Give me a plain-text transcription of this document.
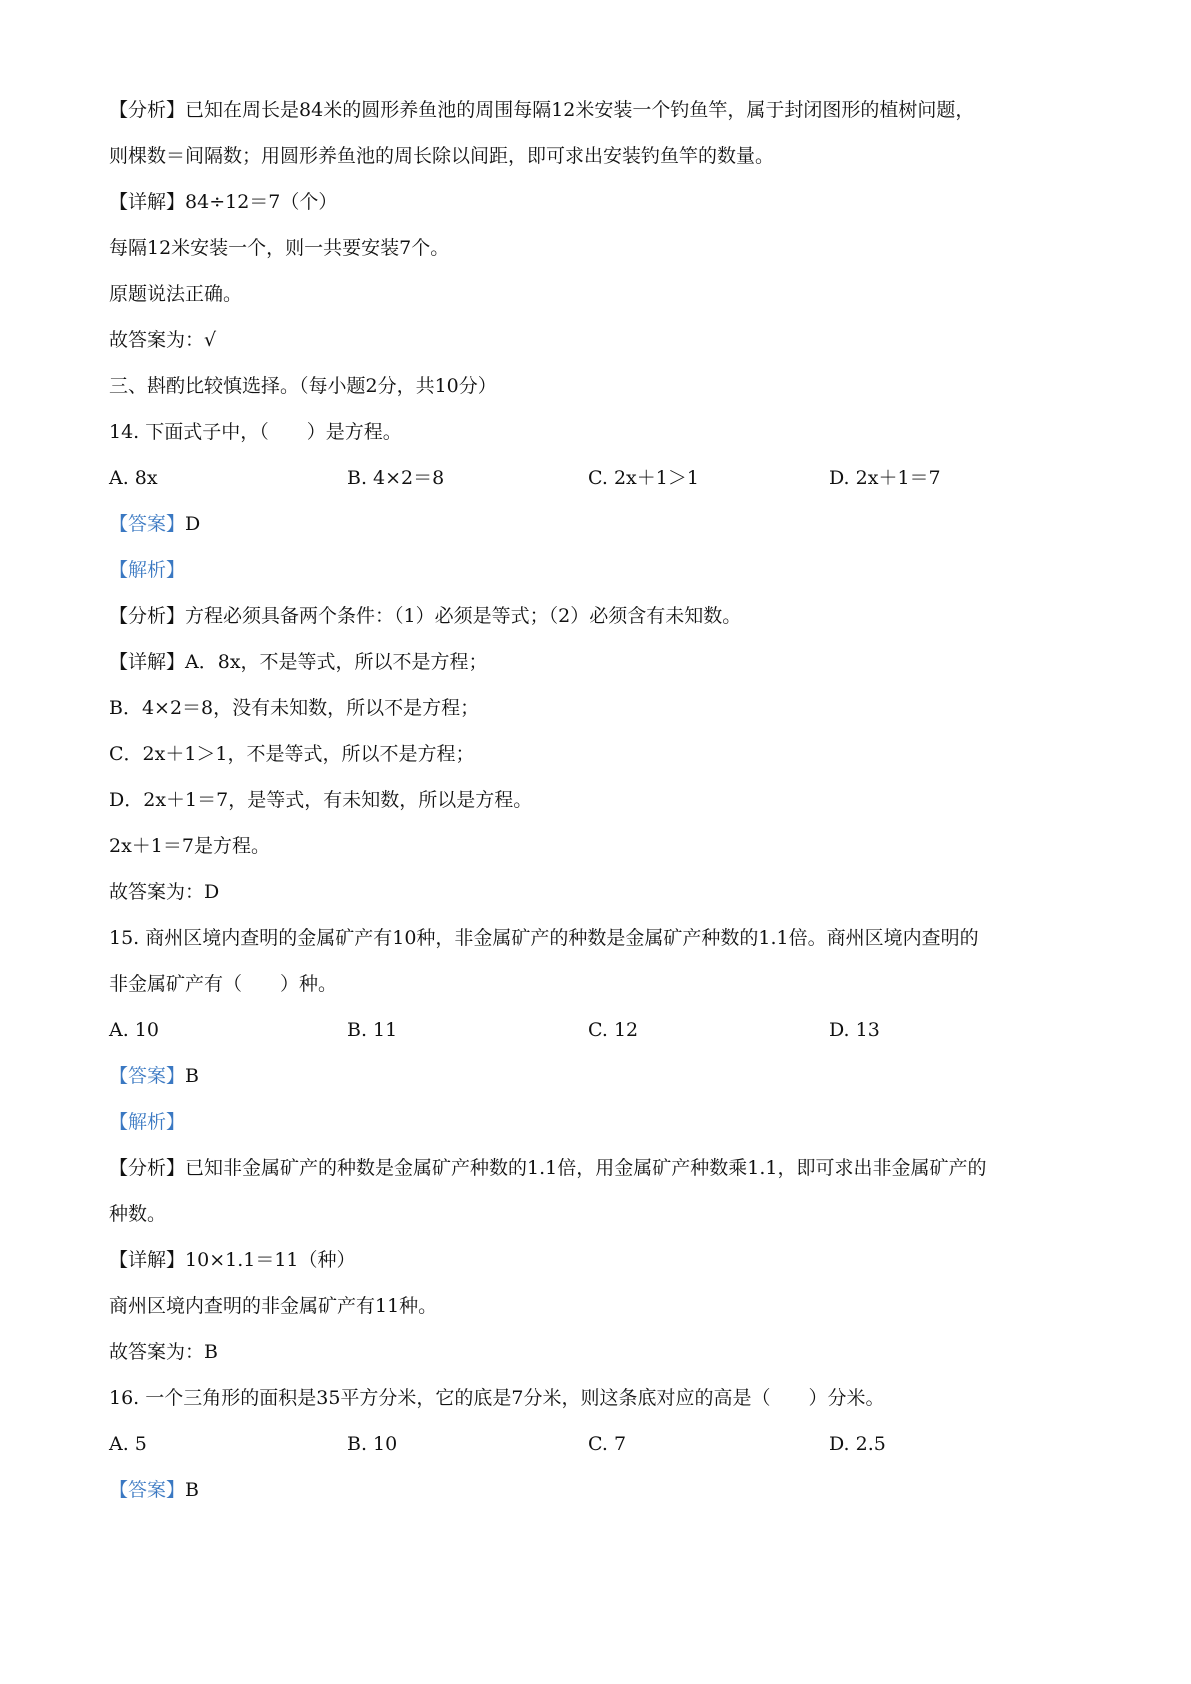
【分析】已知在周长是84米的圆形养鱼池的周围每隔12米安装一个钓鱼竿，属于封闭图形的植树问题，
则棵数＝间隔数；用圆形养鱼池的周长除以间距，即可求出安装钓鱼竿的数量。
【详解】84÷12＝7（个）
每隔12米安装一个，则一共要安装7个。
原题说法正确。
故答案为：√
三、斟酌比较慎选择。（每小题2分，共10分）
14. 下面式子中，（　　）是方程。
A. 8x	B. 4×2＝8	C. 2x＋1＞1	D. 2x＋1＝7
【答案】D
【解析】
【分析】方程必须具备两个条件：（1）必须是等式；（2）必须含有未知数。
【详解】A．8x，不是等式，所以不是方程；
B．4×2＝8，没有未知数，所以不是方程；
C．2x＋1＞1，不是等式，所以不是方程；
D．2x＋1＝7，是等式，有未知数，所以是方程。
2x＋1＝7是方程。
故答案为：D
15. 商州区境内查明的金属矿产有10种，非金属矿产的种数是金属矿产种数的1.1倍。商州区境内查明的
非金属矿产有（　　）种。
A. 10	B. 11	C. 12	D. 13
【答案】B
【解析】
【分析】已知非金属矿产的种数是金属矿产种数的1.1倍，用金属矿产种数乘1.1，即可求出非金属矿产的
种数。
【详解】10×1.1＝11（种）
商州区境内查明的非金属矿产有11种。
故答案为：B
16. 一个三角形的面积是35平方分米，它的底是7分米，则这条底对应的高是（　　）分米。
A. 5	B. 10	C. 7	D. 2.5
【答案】B
